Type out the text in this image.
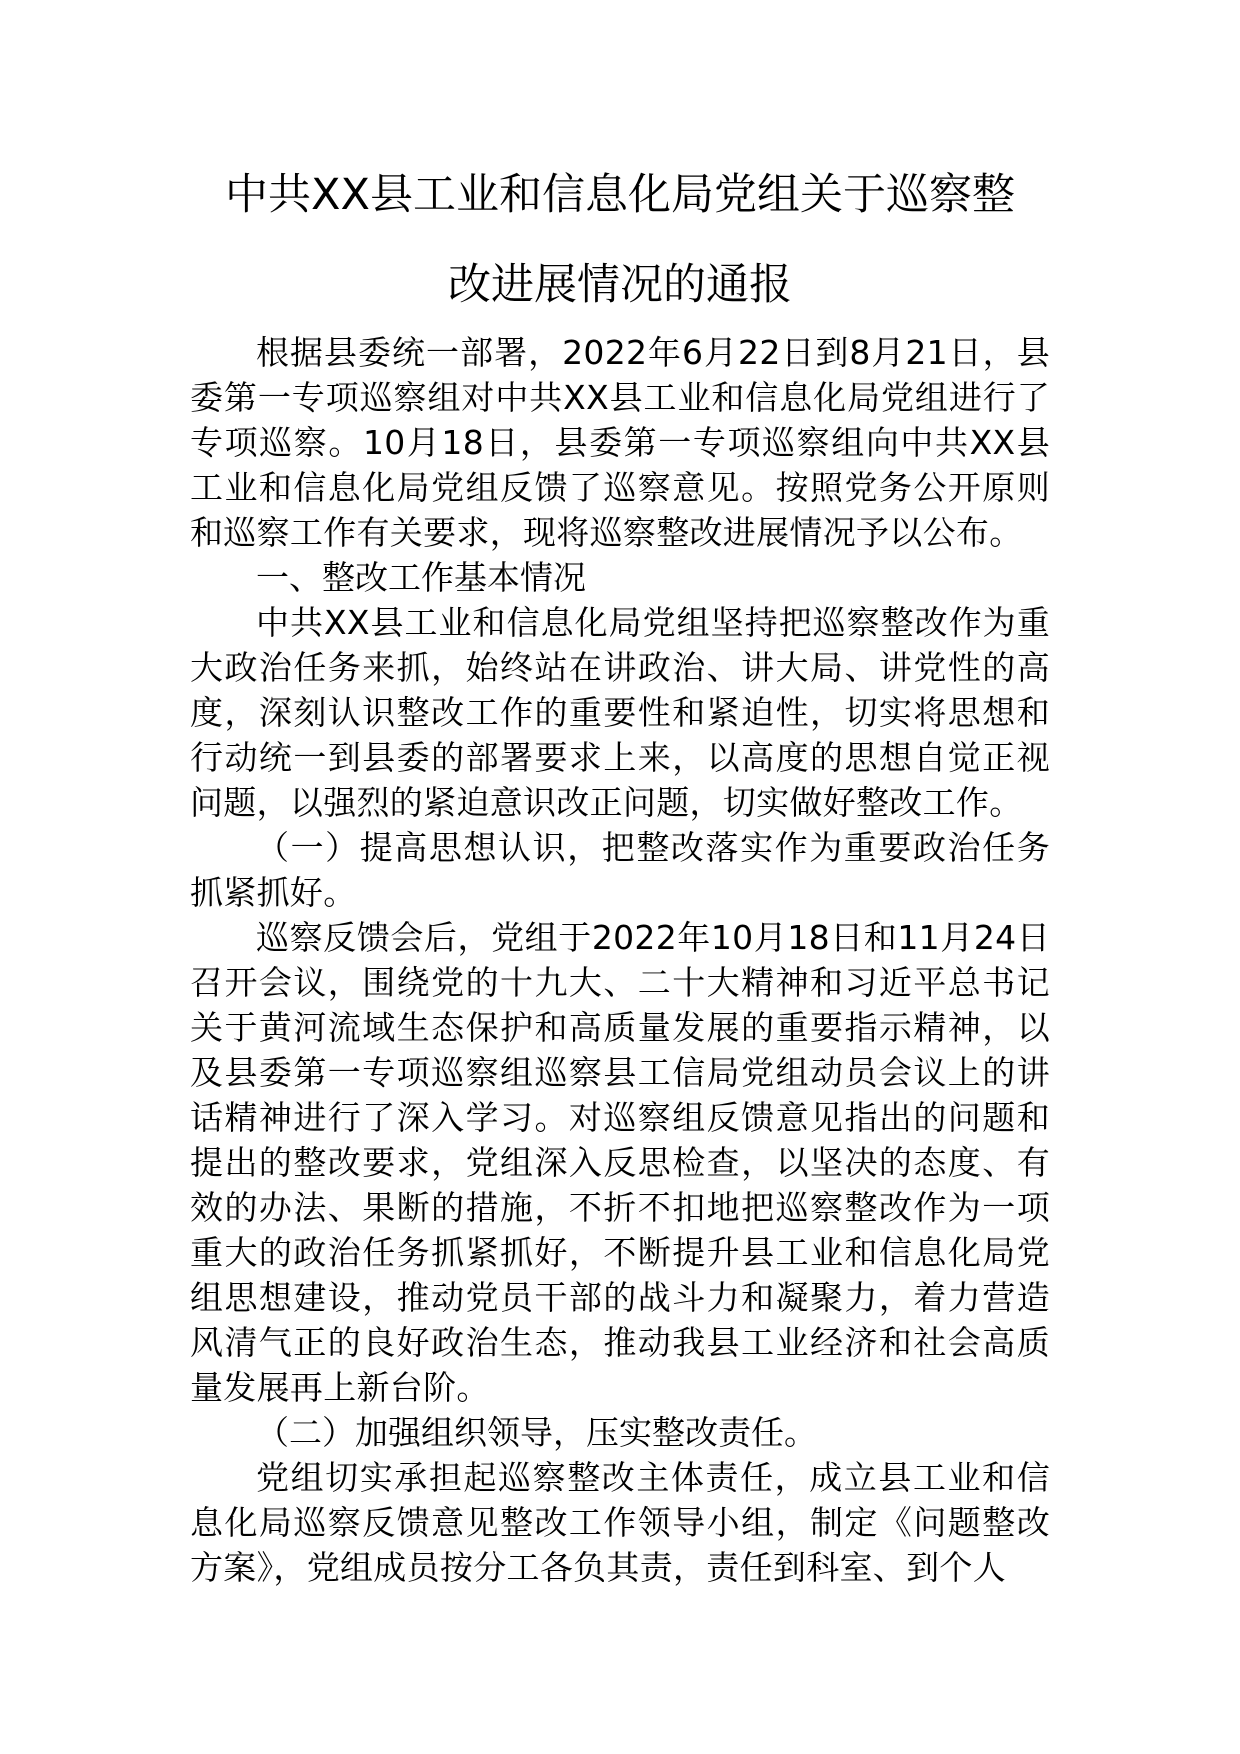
中共XX县工业和信息化局党组关于巡察整
改进展情况的通报

根据县委统一部署，2022年6月22日到8月21日，县委第一专项巡察组对中共XX县工业和信息化局党组进行了专项巡察。10月18日，县委第一专项巡察组向中共XX县工业和信息化局党组反馈了巡察意见。按照党务公开原则和巡察工作有关要求，现将巡察整改进展情况予以公布。

一、整改工作基本情况

中共XX县工业和信息化局党组坚持把巡察整改作为重大政治任务来抓，始终站在讲政治、讲大局、讲党性的高度，深刻认识整改工作的重要性和紧迫性，切实将思想和行动统一到县委的部署要求上来，以高度的思想自觉正视问题，以强烈的紧迫意识改正问题，切实做好整改工作。

（一）提高思想认识，把整改落实作为重要政治任务抓紧抓好。

巡察反馈会后，党组于2022年10月18日和11月24日召开会议，围绕党的十九大、二十大精神和习近平总书记关于黄河流域生态保护和高质量发展的重要指示精神，以及县委第一专项巡察组巡察县工信局党组动员会议上的讲话精神进行了深入学习。对巡察组反馈意见指出的问题和提出的整改要求，党组深入反思检查，以坚决的态度、有效的办法、果断的措施，不折不扣地把巡察整改作为一项重大的政治任务抓紧抓好，不断提升县工业和信息化局党组思想建设，推动党员干部的战斗力和凝聚力，着力营造风清气正的良好政治生态，推动我县工业经济和社会高质量发展再上新台阶。

（二）加强组织领导，压实整改责任。

党组切实承担起巡察整改主体责任，成立县工业和信息化局巡察反馈意见整改工作领导小组，制定《问题整改方案》，党组成员按分工各负其责，责任到科室、到个人
